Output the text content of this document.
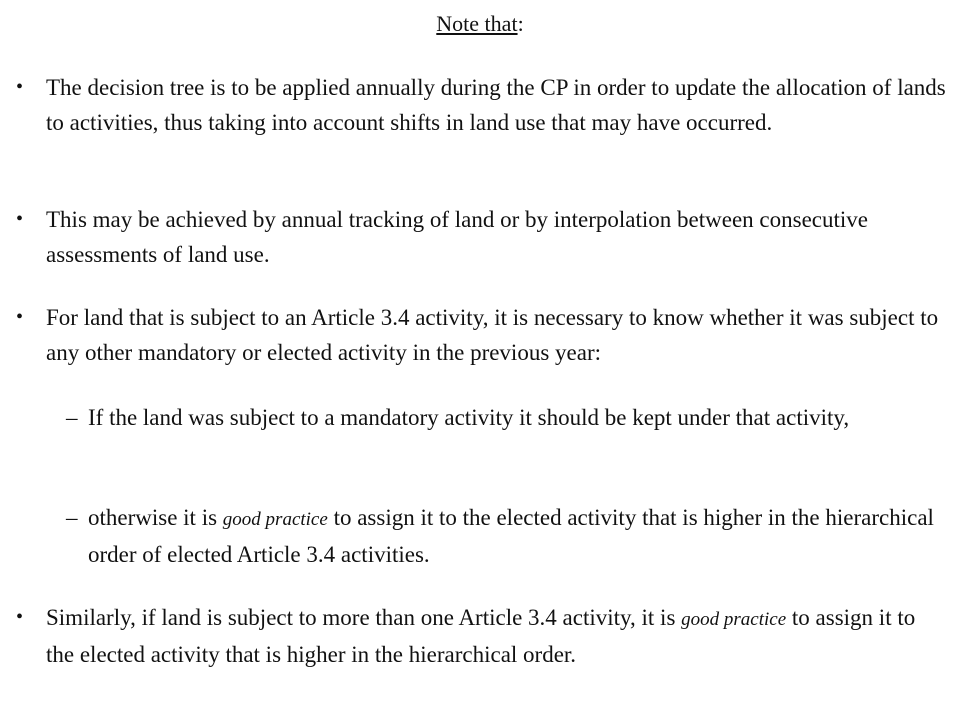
Note that:
• The decision tree is to be applied annually during the CP in order to update the allocation of lands to activities, thus taking into account shifts in land use that may have occurred.
• This may be achieved by annual tracking of land or by interpolation between consecutive assessments of land use.
• For land that is subject to an Article 3.4 activity, it is necessary to know whether it was subject to any other mandatory or elected activity in the previous year:
– If the land was subject to a mandatory activity it should be kept under that activity,
– otherwise it is good practice to assign it to the elected activity that is higher in the hierarchical order of elected Article 3.4 activities.
• Similarly, if land is subject to more than one Article 3.4 activity, it is good practice to assign it to the elected activity that is higher in the hierarchical order.
